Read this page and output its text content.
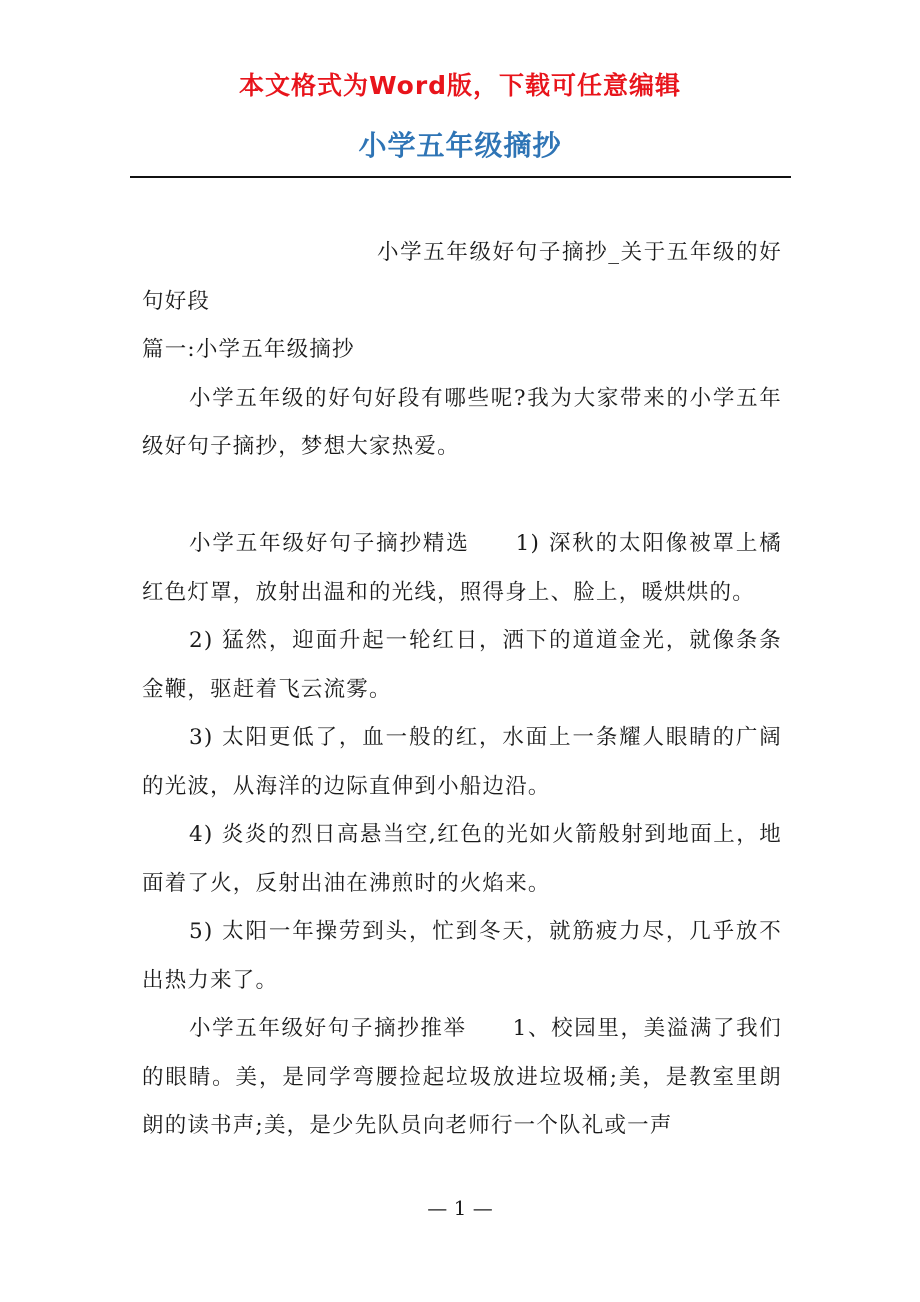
本文格式为Word版，下载可任意编辑
小学五年级摘抄

小学五年级好句子摘抄_关于五年级的好句好段

篇一:小学五年级摘抄

小学五年级的好句好段有哪些呢?我为大家带来的小学五年级好句子摘抄，梦想大家热爱。

小学五年级好句子摘抄精选 1) 深秋的太阳像被罩上橘红色灯罩，放射出温和的光线，照得身上、脸上，暖烘烘的。

2) 猛然，迎面升起一轮红日，洒下的道道金光，就像条条金鞭，驱赶着飞云流雾。

3) 太阳更低了，血一般的红，水面上一条耀人眼睛的广阔的光波，从海洋的边际直伸到小船边沿。

4) 炎炎的烈日高悬当空,红色的光如火箭般射到地面上，地面着了火，反射出油在沸煎时的火焰来。

5) 太阳一年操劳到头，忙到冬天，就筋疲力尽，几乎放不出热力来了。

小学五年级好句子摘抄推举 1、校园里，美溢满了我们的眼睛。美，是同学弯腰捡起垃圾放进垃圾桶;美，是教室里朗朗的读书声;美，是少先队员向老师行一个队礼或一声

— 1 —
